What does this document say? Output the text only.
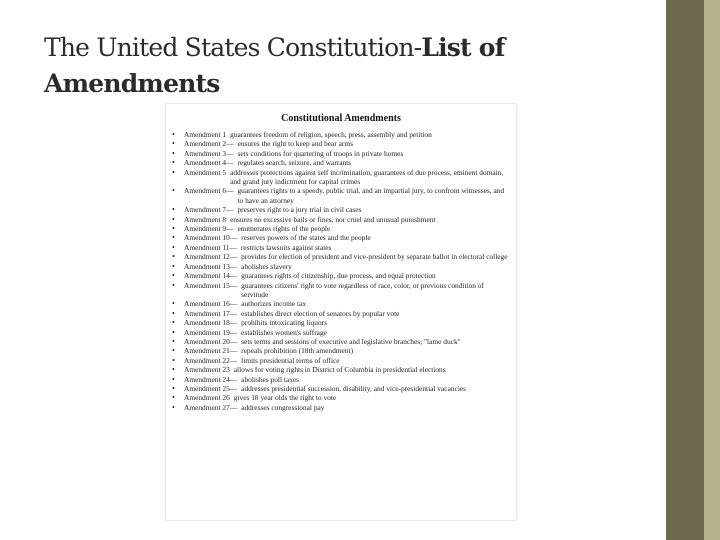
The United States Constitution-List of Amendments
Constitutional Amendments
•	Amendment 1 guarantees freedom of religion, speech, press, assembly and petition
•	Amendment 2 — ensures the right to keep and bear arms
•	Amendment 3 — sets conditions for quartering of troops in private homes
•	Amendment 4 — regulates search, seizure, and warrants
•	Amendment 5 addresses protections against self incrimination, guarantees of due process, eminent domain, and grand jury indictment for capital crimes
•	Amendment 6 — guarantees rights to a speedy, public trial, and an impartial jury, to confront witnesses, and to have an attorney
•	Amendment 7 — preserves right to a jury trial in civil cases
•	Amendment 8 ensures no excessive bails or fines, nor cruel and unusual punishment
•	Amendment 9 — enumerates rights of the people
•	Amendment 10 — reserves powers of the states and the people
•	Amendment 11 — restricts lawsuits against states
•	Amendment 12 — provides for election of president and vice-president by separate ballot in electoral college
•	Amendment 13 — abolishes slavery
•	Amendment 14 — guarantees rights of citizenship, due process, and equal protection
•	Amendment 15 — guarantees citizens' right to vote regardless of race, color, or previous condition of servitude
•	Amendment 16 — authorizes income tax
•	Amendment 17 — establishes direct election of senators by popular vote
•	Amendment 18 — prohibits intoxicating liquors
•	Amendment 19 — establishes women's suffrage
•	Amendment 20 — sets terms and sessions of executive and legislative branches; "lame duck"
•	Amendment 21 — repeals prohibition (18th amendment)
•	Amendment 22 — limits presidential terms of office
•	Amendment 23 allows for voting rights in District of Columbia in presidential elections
•	Amendment 24 — abolishes poll taxes
•	Amendment 25 — addresses presidential succession, disability, and vice-presidential vacancies
•	Amendment 26 gives 18 year olds the right to vote
•	Amendment 27 — addresses congressional pay
